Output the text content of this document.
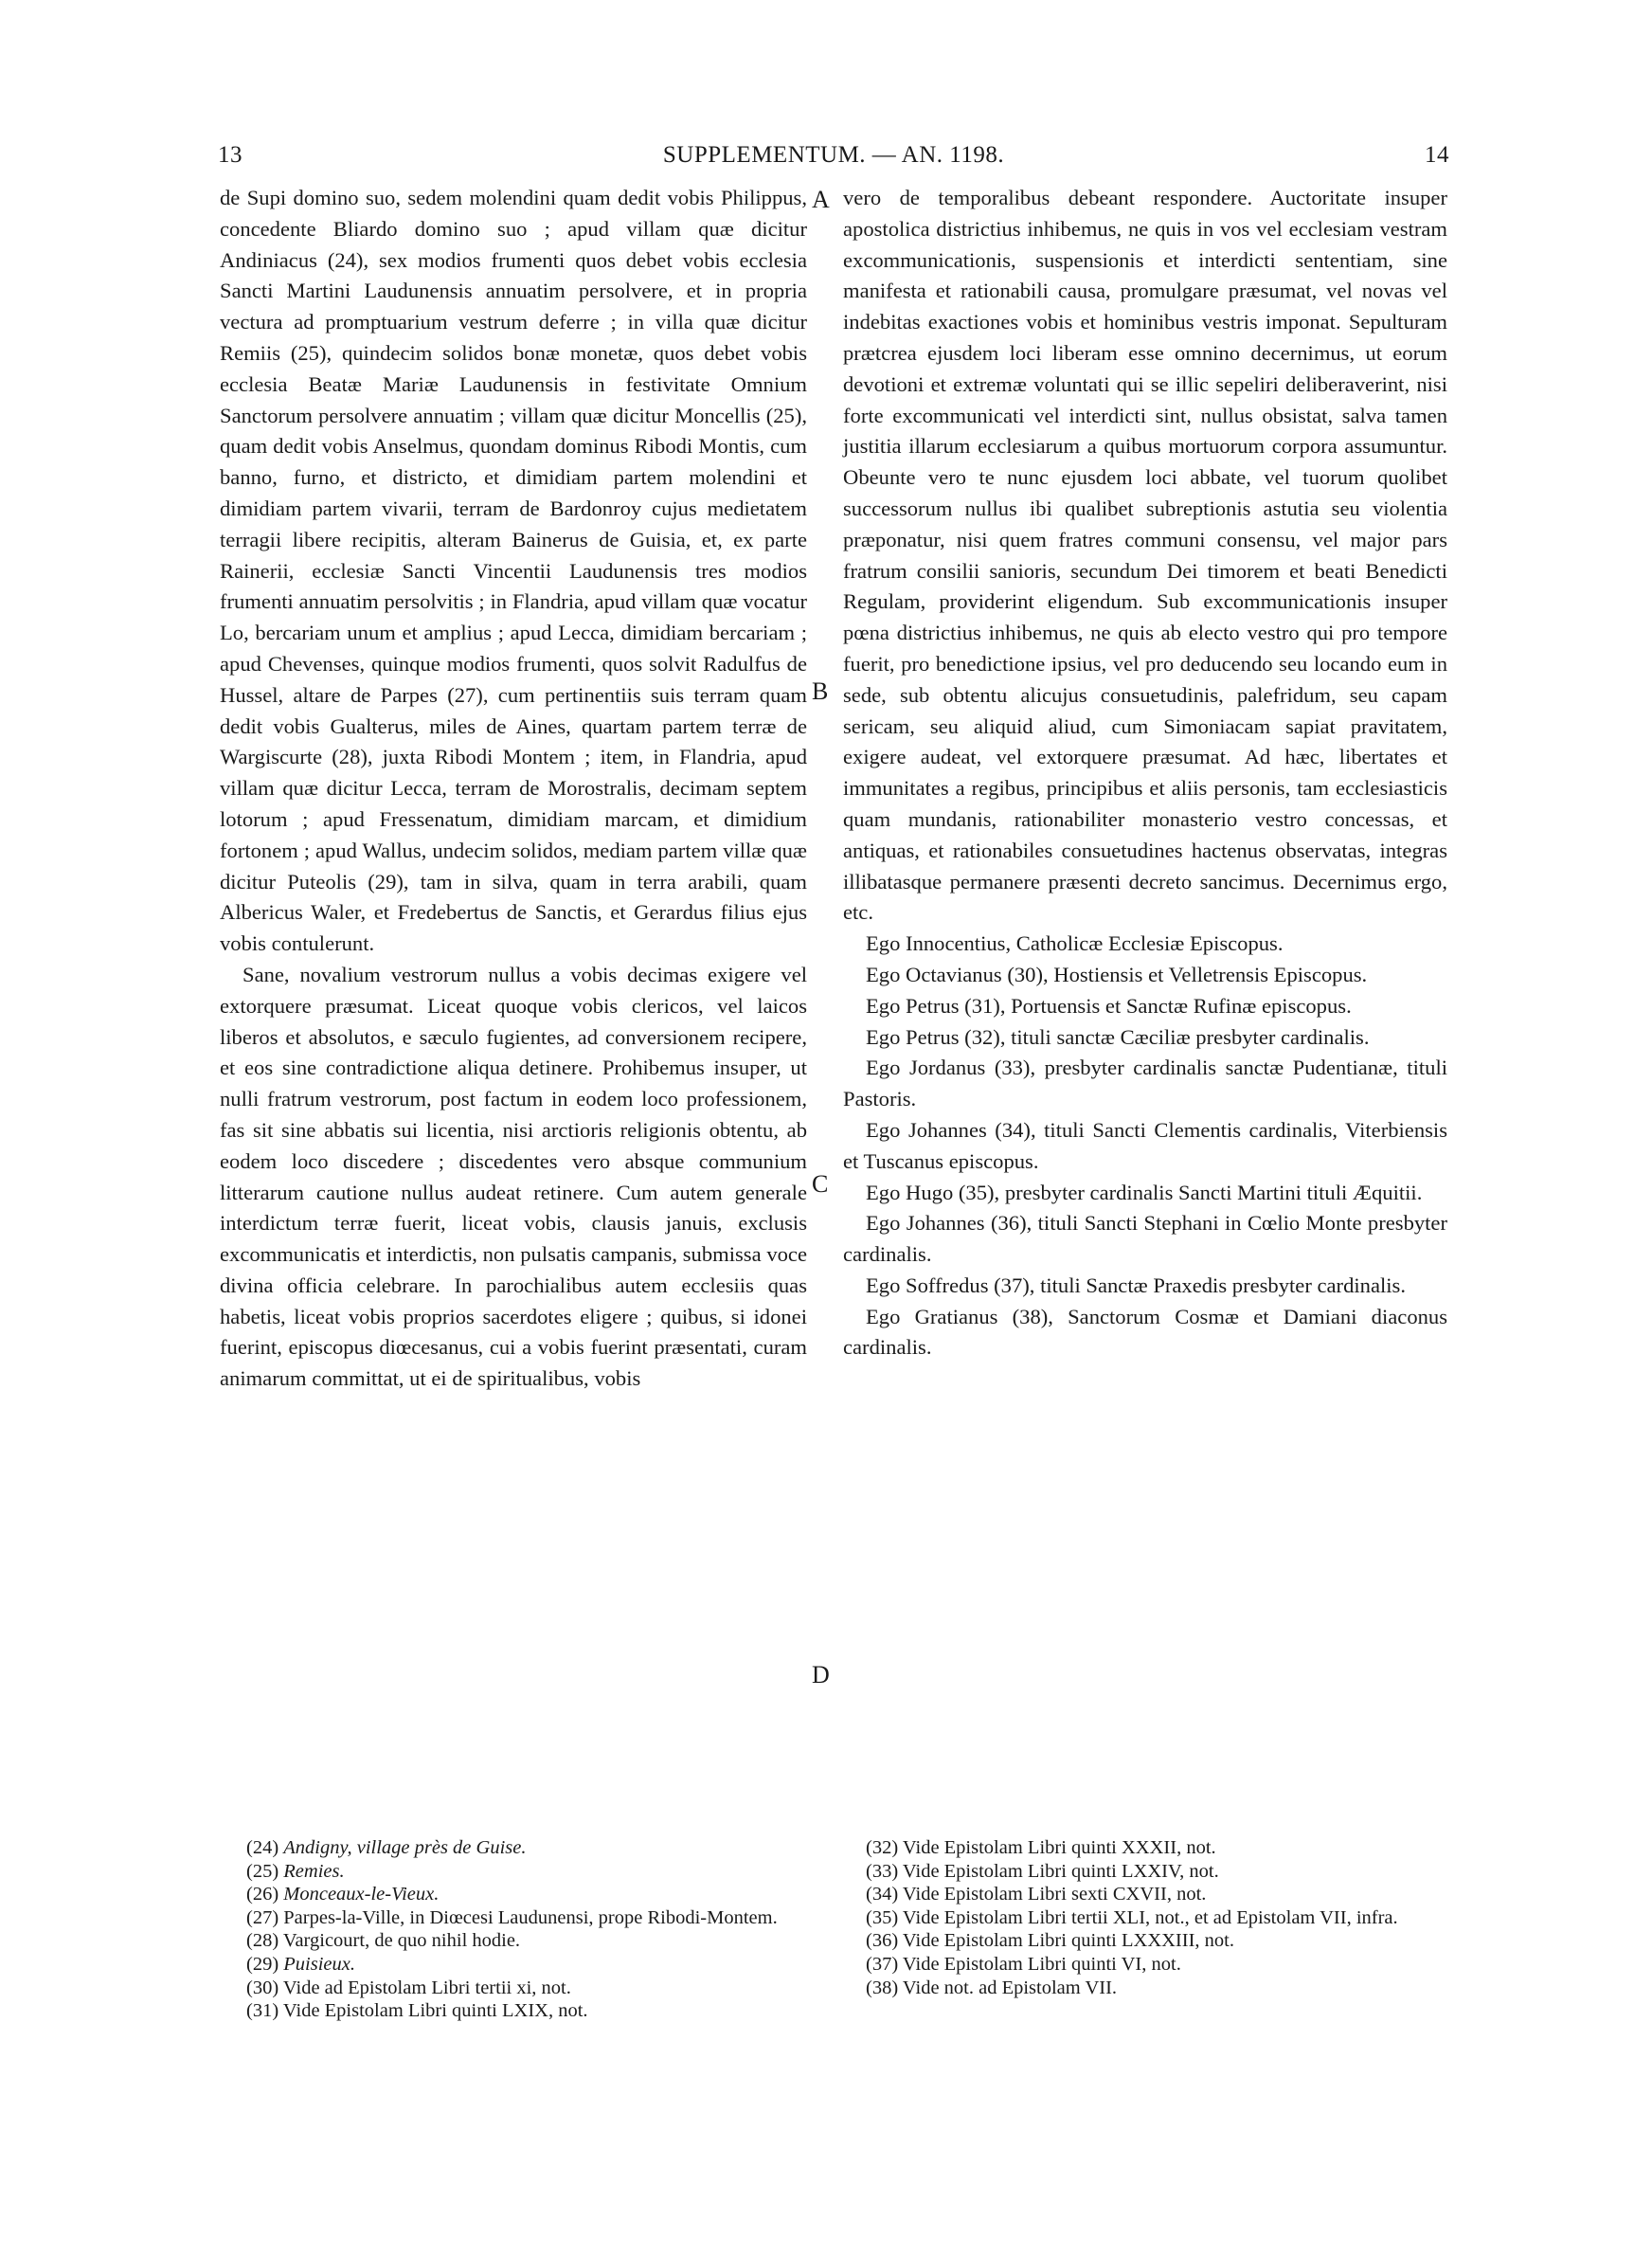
13	SUPPLEMENTUM. — AN. 1198.	14
A
B
C
D

de Supi domino suo, sedem molendini quam dedit vobis Philippus, concedente Bliardo domino suo ; apud villam quæ dicitur Andiniacus (24), sex modios frumenti quos debet vobis ecclesia Sancti Martini Laudunensis annuatim persolvere, et in propria vectura ad promptuarium vestrum deferre ; in villa quæ dicitur Remiis (25), quindecim solidos bonæ monetæ, quos debet vobis ecclesia Beatæ Mariæ Laudunensis in festivitate Omnium Sanctorum persolvere annuatim ; villam quæ dicitur Moncellis (25), quam dedit vobis Anselmus, quondam dominus Ribodi Montis, cum banno, furno, et districto, et dimidiam partem molendini et dimidiam partem vivarii, terram de Bardonroy cujus medietatem terragii libere recipitis, alteram Bainerus de Guisia, et, ex parte Rainerii, ecclesiæ Sancti Vincentii Laudunensis tres modios frumenti annuatim persolvitis ; in Flandria, apud villam quæ vocatur Lo, bercariam unum et amplius ; apud Lecca, dimidiam bercariam ; apud Chevenses, quinque modios frumenti, quos solvit Radulfus de Hussel, altare de Parpes (27), cum pertinentiis suis terram quam dedit vobis Gualterus, miles de Aines, quartam partem terræ de Wargiscurte (28), juxta Ribodi Montem ; item, in Flandria, apud villam quæ dicitur Lecca, terram de Morostralis, decimam septem lotorum ; apud Fressenatum, dimidiam marcam, et dimidium fortonem ; apud Wallus, undecim solidos, mediam partem villæ quæ dicitur Puteolis (29), tam in silva, quam in terra arabili, quam Albericus Waler, et Fredebertus de Sanctis, et Gerardus filius ejus vobis contulerunt.

Sane, novalium vestrorum nullus a vobis decimas exigere vel extorquere præsumat. Liceat quoque vobis clericos, vel laicos liberos et absolutos, e sæculo fugientes, ad conversionem recipere, et eos sine contradictione aliqua detinere. Prohibemus insuper, ut nulli fratrum vestrorum, post factum in eodem loco professionem, fas sit sine abbatis sui licentia, nisi arctioris religionis obtentu, ab eodem loco discedere ; discedentes vero absque communium litterarum cautione nullus audeat retinere. Cum autem generale interdictum terræ fuerit, liceat vobis, clausis januis, exclusis excommunicatis et interdictis, non pulsatis campanis, submissa voce divina officia celebrare. In parochialibus autem ecclesiis quas habetis, liceat vobis proprios sacerdotes eligere ; quibus, si idonei fuerint, episcopus diœcesanus, cui a vobis fuerint præsentati, curam animarum committat, ut ei de spiritualibus, vobis

vero de temporalibus debeant respondere. Auctoritate insuper apostolica districtius inhibemus, ne quis in vos vel ecclesiam vestram excommunicationis, suspensionis et interdicti sententiam, sine manifesta et rationabili causa, promulgare præsumat, vel novas vel indebitas exactiones vobis et hominibus vestris imponat. Sepulturam prætcrea ejusdem loci liberam esse omnino decernimus, ut eorum devotioni et extremæ voluntati qui se illic sepeliri deliberaverint, nisi forte excommunicati vel interdicti sint, nullus obsistat, salva tamen justitia illarum ecclesiarum a quibus mortuorum corpora assumuntur. Obeunte vero te nunc ejusdem loci abbate, vel tuorum quolibet successorum nullus ibi qualibet subreptionis astutia seu violentia præponatur, nisi quem fratres communi consensu, vel major pars fratrum consilii sanioris, secundum Dei timorem et beati Benedicti Regulam, providerint eligendum. Sub excommunicationis insuper pœna districtius inhibemus, ne quis ab electo vestro qui pro tempore fuerit, pro benedictione ipsius, vel pro deducendo seu locando eum in sede, sub obtentu alicujus consuetudinis, palefridum, seu capam sericam, seu aliquid aliud, cum Simoniacam sapiat pravitatem, exigere audeat, vel extorquere præsumat. Ad hæc, libertates et immunitates a regibus, principibus et aliis personis, tam ecclesiasticis quam mundanis, rationabiliter monasterio vestro concessas, et antiquas, et rationabiles consuetudines hactenus observatas, integras illibatasque permanere præsenti decreto sancimus. Decernimus ergo, etc.

Ego Innocentius, Catholicæ Ecclesiæ Episcopus.

Ego Octavianus (30), Hostiensis et Velletrensis Episcopus.

Ego Petrus (31), Portuensis et Sanctæ Rufinæ episcopus.

Ego Petrus (32), tituli sanctæ Cæciliæ presbyter cardinalis.

Ego Jordanus (33), presbyter cardinalis sanctæ Pudentianæ, tituli Pastoris.

Ego Johannes (34), tituli Sancti Clementis cardinalis, Viterbiensis et Tuscanus episcopus.

Ego Hugo (35), presbyter cardinalis Sancti Martini tituli Æquitii.

Ego Johannes (36), tituli Sancti Stephani in Cœlio Monte presbyter cardinalis.

Ego Soffredus (37), tituli Sanctæ Praxedis presbyter cardinalis.

Ego Gratianus (38), Sanctorum Cosmæ et Damiani diaconus cardinalis.

(24) Andigny, village près de Guise.

(25) Remies.

(26) Monceaux-le-Vieux.

(27) Parpes-la-Ville, in Diœcesi Laudunensi, prope Ribodi-Montem.

(28) Vargicourt, de quo nihil hodie.

(29) Puisieux.

(30) Vide ad Epistolam Libri tertii xi, not.

(31) Vide Epistolam Libri quinti LXIX, not.

(32) Vide Epistolam Libri quinti XXXII, not.

(33) Vide Epistolam Libri quinti LXXIV, not.

(34) Vide Epistolam Libri sexti CXVII, not.

(35) Vide Epistolam Libri tertii XLI, not., et ad Epistolam VII, infra.

(36) Vide Epistolam Libri quinti LXXXIII, not.

(37) Vide Epistolam Libri quinti VI, not.

(38) Vide not. ad Epistolam VII.
